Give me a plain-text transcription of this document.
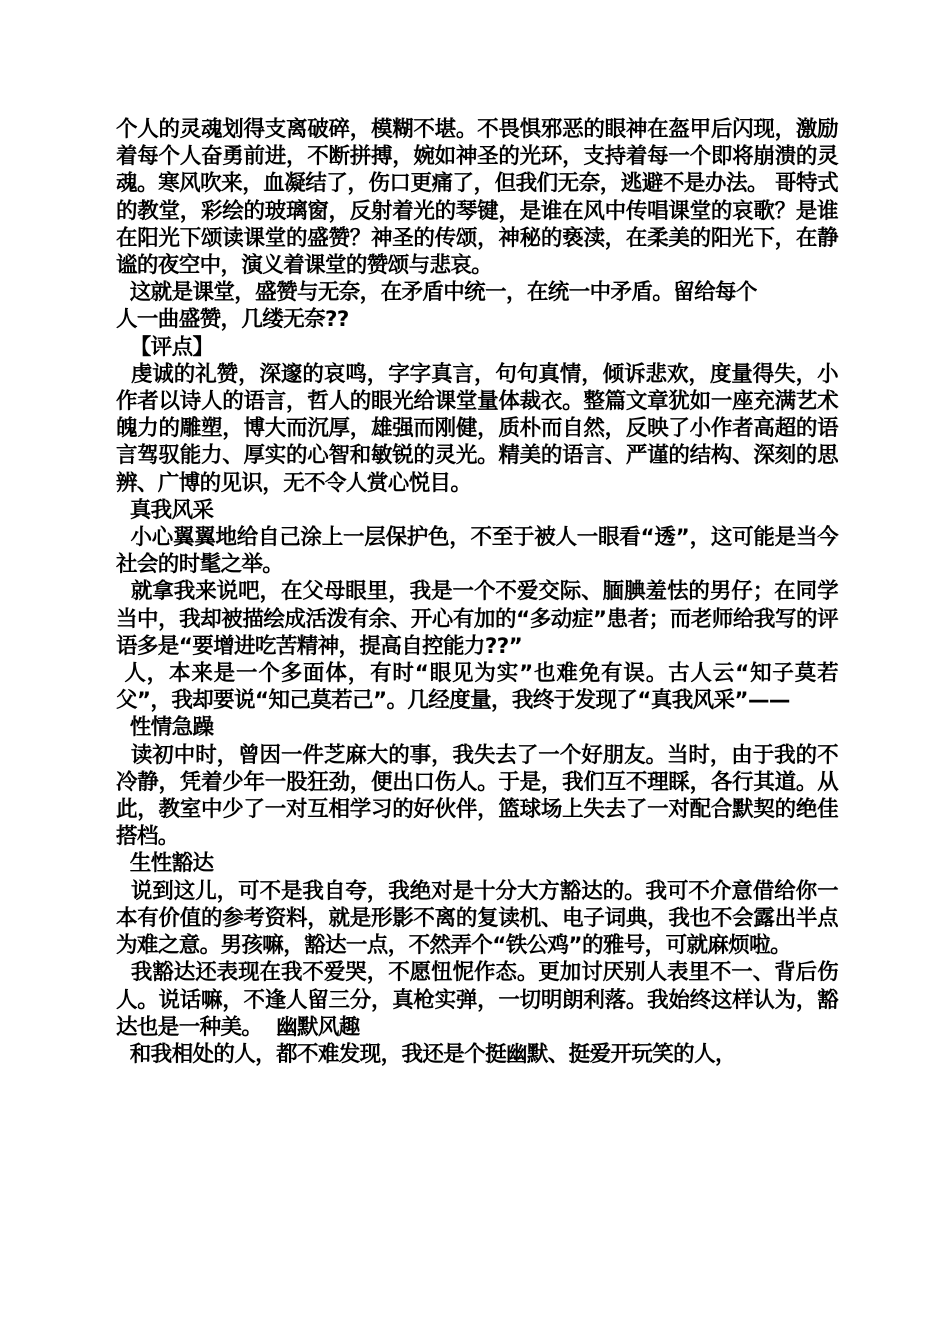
个人的灵魂划得支离破碎，模糊不堪。不畏惧邪恶的眼神在盔甲后闪现，激励着每个人奋勇前进，不断拼搏，婉如神圣的光环，支持着每一个即将崩溃的灵魂。寒风吹来，血凝结了，伤口更痛了，但我们无奈，逃避不是办法。 哥特式的教堂，彩绘的玻璃窗，反射着光的琴键，是谁在风中传唱课堂的哀歌？是谁在阳光下颂读课堂的盛赞？神圣的传颂，神秘的亵渎，在柔美的阳光下，在静谧的夜空中，演义着课堂的赞颂与悲哀。

这就是课堂，盛赞与无奈，在矛盾中统一，在统一中矛盾。留给每个

人一曲盛赞，几缕无奈??

【评点】

虔诚的礼赞，深邃的哀鸣，字字真言，句句真情，倾诉悲欢，度量得失，小作者以诗人的语言，哲人的眼光给课堂量体裁衣。整篇文章犹如一座充满艺术魄力的雕塑，博大而沉厚，雄强而刚健，质朴而自然，反映了小作者高超的语言驾驭能力、厚实的心智和敏锐的灵光。精美的语言、严谨的结构、深刻的思辨、广博的见识，无不令人赏心悦目。

真我风采

小心翼翼地给自己涂上一层保护色，不至于被人一眼看“透”，这可能是当今社会的时髦之举。

就拿我来说吧，在父母眼里，我是一个不爱交际、腼腆羞怯的男仔；在同学当中，我却被描绘成活泼有余、开心有加的“多动症”患者；而老师给我写的评语多是“要增进吃苦精神，提高自控能力??”

人，本来是一个多面体，有时“眼见为实”也难免有误。古人云“知子莫若父”，我却要说“知己莫若己”。几经度量，我终于发现了“真我风采”——

性情急躁

读初中时，曾因一件芝麻大的事，我失去了一个好朋友。当时，由于我的不冷静，凭着少年一股狂劲，便出口伤人。于是，我们互不理睬，各行其道。从此，教室中少了一对互相学习的好伙伴，篮球场上失去了一对配合默契的绝佳搭档。

生性豁达

说到这儿，可不是我自夸，我绝对是十分大方豁达的。我可不介意借给你一本有价值的参考资料，就是形影不离的复读机、电子词典，我也不会露出半点为难之意。男孩嘛，豁达一点，不然弄个“铁公鸡”的雅号，可就麻烦啦。

我豁达还表现在我不爱哭，不愿忸怩作态。更加讨厌别人表里不一、背后伤人。说话嘛，不逢人留三分，真枪实弹，一切明朗利落。我始终这样认为，豁达也是一种美。  幽默风趣

和我相处的人，都不难发现，我还是个挺幽默、挺爱开玩笑的人，
